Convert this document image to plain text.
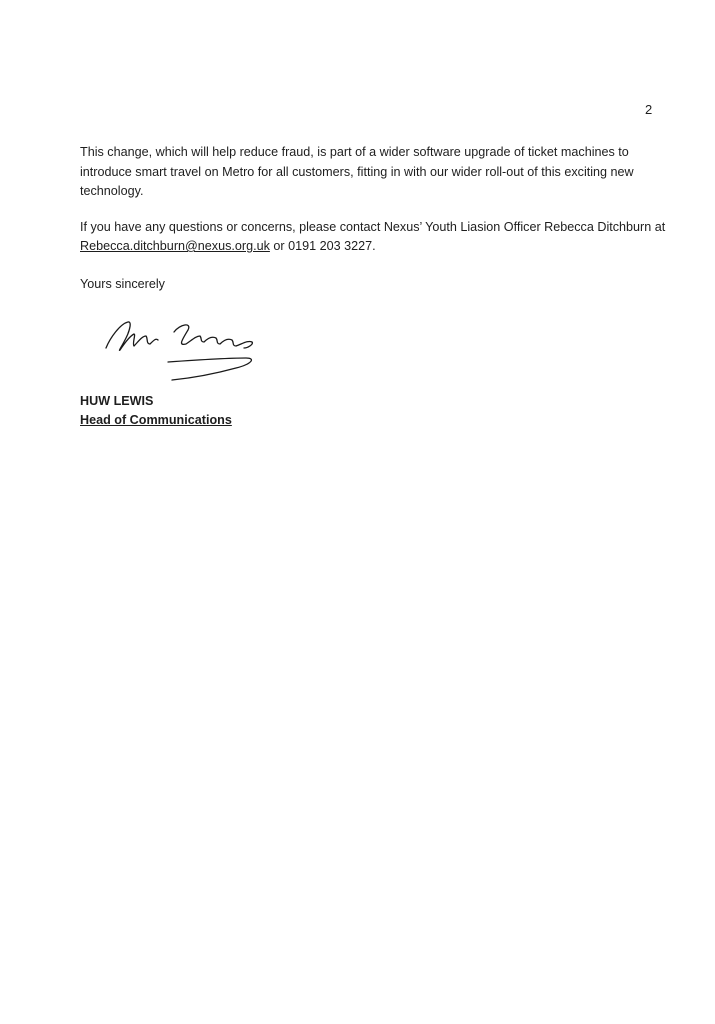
2

This change, which will help reduce fraud, is part of a wider software upgrade of ticket machines to introduce smart travel on Metro for all customers, fitting in with our wider roll-out of this exciting new technology.

If you have any questions or concerns, please contact Nexus’ Youth Liasion Officer Rebecca Ditchburn at Rebecca.ditchburn@nexus.org.uk or 0191 203 3227.

Yours sincerely

HUW LEWIS
Head of Communications
